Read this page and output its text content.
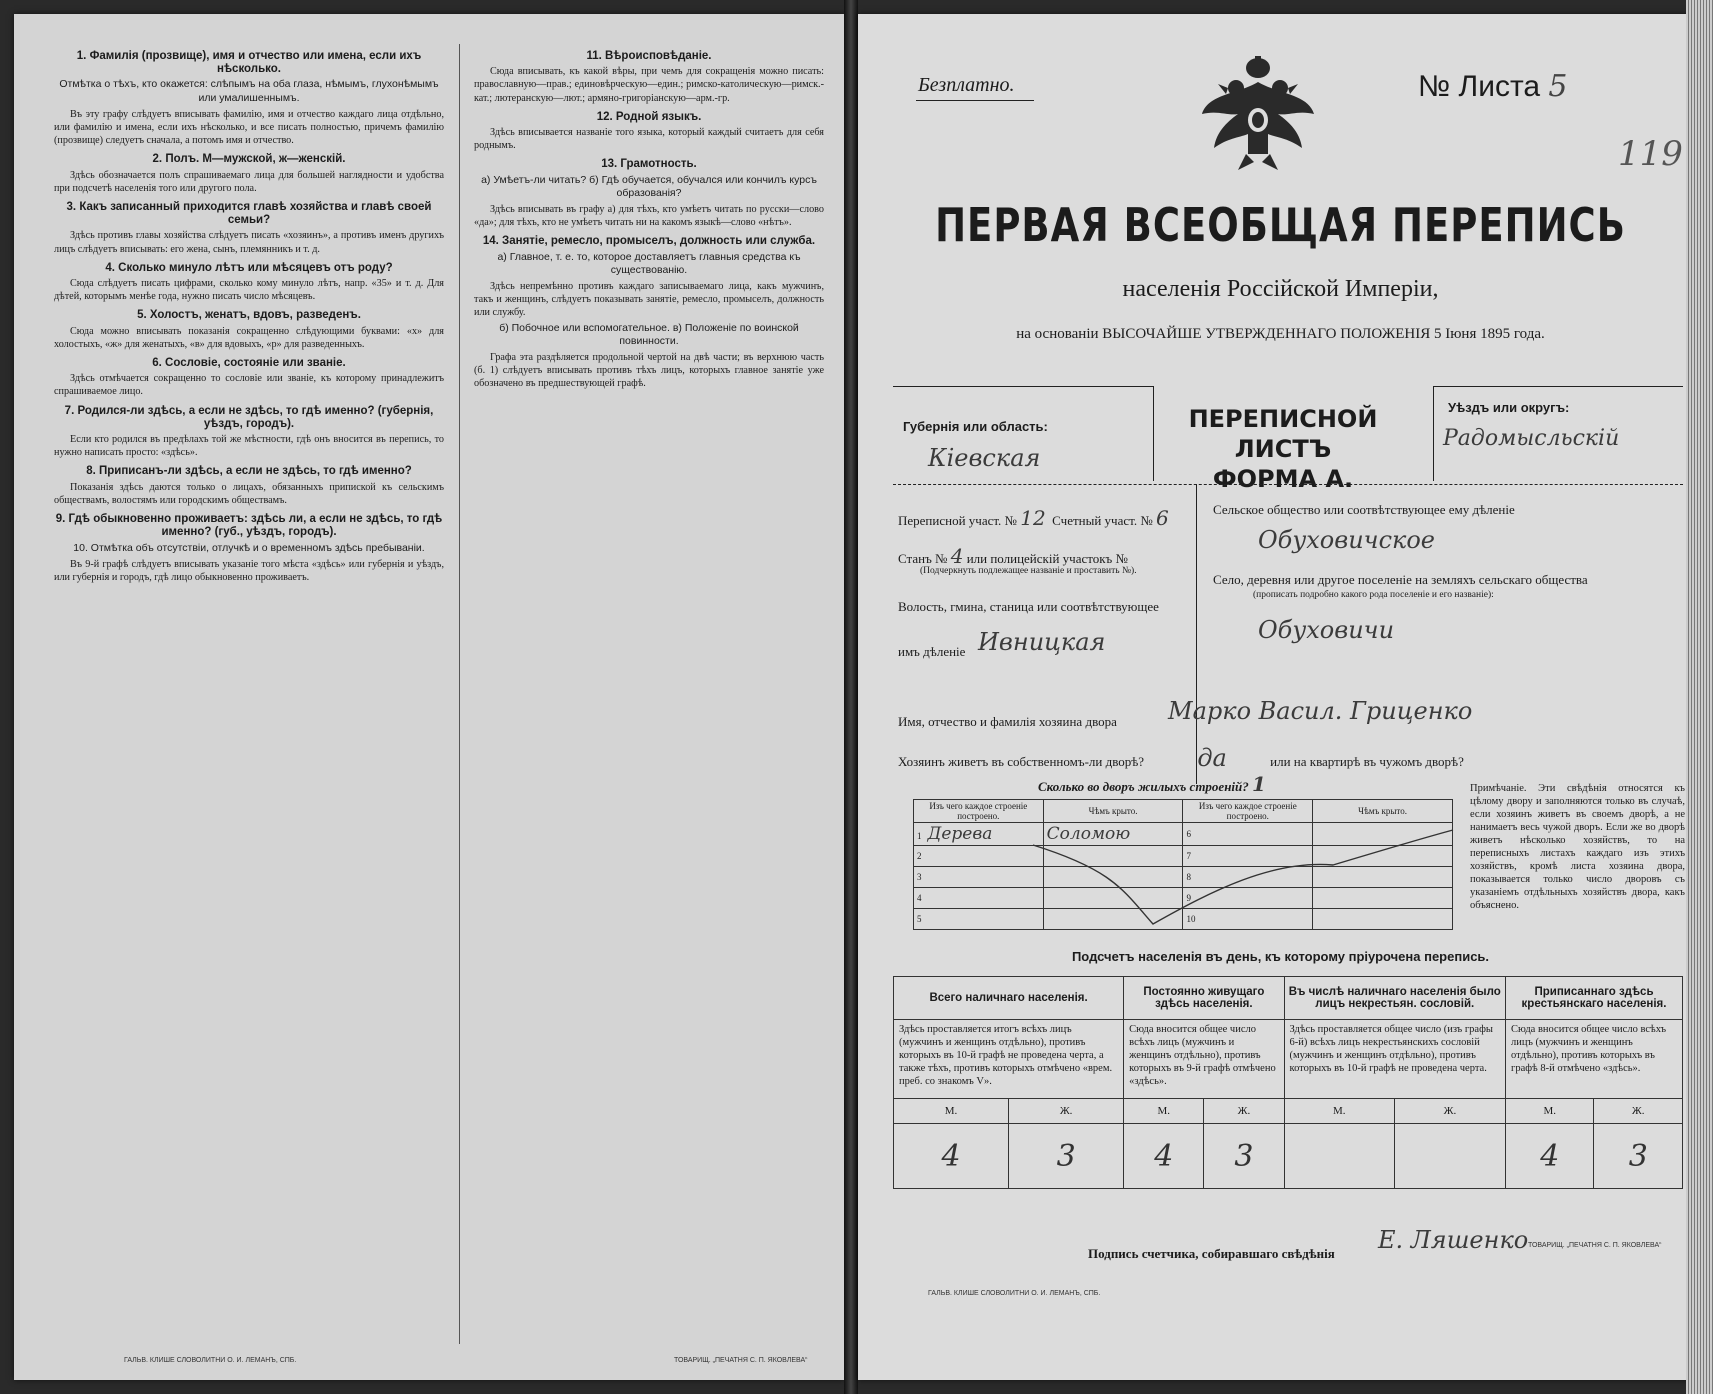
1. Фамилія (прозвище), имя и отчество или имена, если ихъ нѣсколько.
Отмѣтка о тѣхъ, кто окажется: слѣпымъ на оба глаза, нѣмымъ, глухонѣмымъ или умалишеннымъ.

Въ эту графу слѣдуетъ вписывать фамилію, имя и отчество каждаго лица отдѣльно, или фамилію и имена, если ихъ нѣсколько, и все писать полностью, причемъ фамилію (прозвище) следуетъ сначала, а потомъ имя и отчество.

2. Полъ. М—мужской, ж—женскій.

Здѣсь обозначается полъ спрашиваемаго лица для большей наглядности и удобства при подсчетѣ населенія того или другого пола.

3. Какъ записанный приходится главѣ хозяйства и главѣ своей семьи?

Здѣсь противъ главы хозяйства слѣдуетъ писать «хозяинъ», а противъ именъ другихъ лицъ слѣдуетъ вписывать: его жена, сынъ, племянникъ и т. д.

4. Сколько минуло лѣтъ или мѣсяцевъ отъ роду?

Сюда слѣдуетъ писать цифрами, сколько кому минуло лѣтъ, напр. «35» и т. д. Для дѣтей, которымъ менѣе года, нужно писать число мѣсяцевъ.

5. Холостъ, женатъ, вдовъ, разведенъ.

Сюда можно вписывать показанія сокращенно слѣдующими буквами: «х» для холостыхъ, «ж» для женатыхъ, «в» для вдовыхъ, «р» для разведенныхъ.

6. Сословіе, состояніе или званіе.

Здѣсь отмѣчается сокращенно то сословіе или званіе, къ которому принадлежитъ спрашиваемое лицо.

7. Родился-ли здѣсь, а если не здѣсь, то гдѣ именно? (губернія, уѣздъ, городъ).

Если кто родился въ предѣлахъ той же мѣстности, гдѣ онъ вносится въ перепись, то нужно написать просто: «здѣсь».

8. Приписанъ-ли здѣсь, а если не здѣсь, то гдѣ именно?

Показанія здѣсь даются только о лицахъ, обязанныхъ припиской къ сельскимъ обществамъ, волостямъ или городскимъ обществамъ.

9. Гдѣ обыкновенно проживаетъ: здѣсь ли, а если не здѣсь, то гдѣ именно? (губ., уѣздъ, городъ).
10. Отмѣтка объ отсутствіи, отлучкѣ и о временномъ здѣсь пребываніи.

Въ 9-й графѣ слѣдуетъ вписывать указаніе того мѣста «здѣсь» или губернія и уѣздъ, или губернія и городъ, гдѣ лицо обыкновенно проживаетъ.

11. Вѣроисповѣданіе.

Сюда вписывать, къ какой вѣры, при чемъ для сокращенія можно писать: православную—прав.; единовѣрческую—един.; римско-католическую—римск.-кат.; лютеранскую—лют.; армяно-григоріанскую—арм.-гр.

12. Родной языкъ.

Здѣсь вписывается названіе того языка, который каждый считаетъ для себя роднымъ.

13. Грамотность.
а) Умѣетъ-ли читать? б) Гдѣ обучается, обучался или кончилъ курсъ образованія?

Здѣсь вписывать въ графу а) для тѣхъ, кто умѣетъ читать по русски—слово «да»; для тѣхъ, кто не умѣетъ читать ни на какомъ языкѣ—слово «нѣтъ».

14. Занятіе, ремесло, промыселъ, должность или служба.
а) Главное, т. е. то, которое доставляетъ главныя средства къ существованію.

Здѣсь непремѣнно противъ каждаго записываемаго лица, какъ мужчинъ, такъ и женщинъ, слѣдуетъ показывать занятіе, ремесло, промыселъ, должность или службу.

б) Побочное или вспомогательное. в) Положеніе по воинской повинности.

Графа эта раздѣляется продольной чертой на двѣ части; въ верхнюю часть (б. 1) слѣдуетъ вписывать противъ тѣхъ лицъ, которыхъ главное занятіе уже обозначено въ предшествующей графѣ.

ГАЛЬВ. КЛИШЕ СЛОВОЛИТНИ О. И. ЛЕМАНЪ, СПБ.	ТОВАРИЩ. „ПЕЧАТНЯ С. П. ЯКОВЛЕВА“
Безплатно.	№ Листа 5
119
ПЕРВАЯ ВСЕОБЩАЯ ПЕРЕПИСЬ
населенія Россійской Имперіи,
на основаніи ВЫСОЧАЙШЕ УТВЕРЖДЕННАГО ПОЛОЖЕНІЯ 5 Іюня 1895 года.
Губернія или область:
Кіевская
ПЕРЕПИСНОЙ ЛИСТЪ
ФОРМА А.
Уѣздъ или округъ:
Радомысльскій
Переписной участ. № 12 Счетный участ. № 6
Станъ № 4 или полицейскій участокъ №
(Подчеркнуть подлежащее названіе и проставить №).
Волость, гмина, станица или соотвѣтствующее
имъ дѣленіе Ивницкая
Сельское общество или соотвѣтствующее ему дѣленіе
Обуховичское
Село, деревня или другое поселеніе на земляхъ сельскаго общества
(прописать подробно какого рода поселеніе и его названіе):
Обуховичи
Имя, отчество и фамилія хозяина двора Марко Васил. Гриценко
Хозяинъ живетъ въ собственномъ-ли дворѣ? да	или на квартирѣ въ чужомъ дворѣ?
Сколько во дворъ жилыхъ строеній? 1
Изъ чего каждое строеніе построено.	Чѣмъ крыто.	Изъ чего каждое строеніе построено.	Чѣмъ крыто.
1 Дерева	Соломою	6	
2		7	
3		8	
4		9	
5		10	
Примѣчаніе. Эти свѣдѣнія относятся къ цѣлому двору и заполняются только въ случаѣ, если хозяинъ живетъ въ своемъ дворѣ, а не нанимаетъ весь чужой дворъ. Если же во дворѣ живетъ нѣсколько хозяйствъ, то на переписныхъ листахъ каждаго изъ этихъ хозяйствъ, кромѣ листа хозяина двора, показывается только число дворовъ съ указаніемъ отдѣльныхъ хозяйствъ двора, какъ объяснено.
Подсчетъ населенія въ день, къ которому пріурочена перепись.
Всего наличнаго населенія.		Постоянно живущаго здѣсь населенія.		Въ числѣ наличнаго населенія было лицъ некрестьян. сословій.		Приписаннаго здѣсь крестьянскаго населенія.	
Здѣсь проставляется итогъ всѣхъ лицъ (мужчинъ и женщинъ отдѣльно), противъ которыхъ въ 10-й графѣ не проведена черта, а также тѣхъ, противъ которыхъ отмѣчено «врем. преб. со знакомъ V».		Сюда вносится общее число всѣхъ лицъ (мужчинъ и женщинъ отдѣльно), противъ которыхъ въ 9-й графѣ отмѣчено «здѣсь».		Здѣсь проставляется общее число (изъ графы 6-й) всѣхъ лицъ некрестьянскихъ сословій (мужчинъ и женщинъ отдѣльно), противъ которыхъ въ 10-й графѣ не проведена черта.		Сюда вносится общее число всѣхъ лицъ (мужчинъ и женщинъ отдѣльно), противъ которыхъ въ графѣ 8-й отмѣчено «здѣсь».	
М.	Ж.	М.	Ж.	М.	Ж.	М.	Ж.
4	3	4	3			4	3
Подпись счетчика, собиравшаго свѣдѣнія Е. Ляшенко
ГАЛЬВ. КЛИШЕ СЛОВОЛИТНИ О. И. ЛЕМАНЪ, СПБ.
ТОВАРИЩ. „ПЕЧАТНЯ С. П. ЯКОВЛЕВА“
